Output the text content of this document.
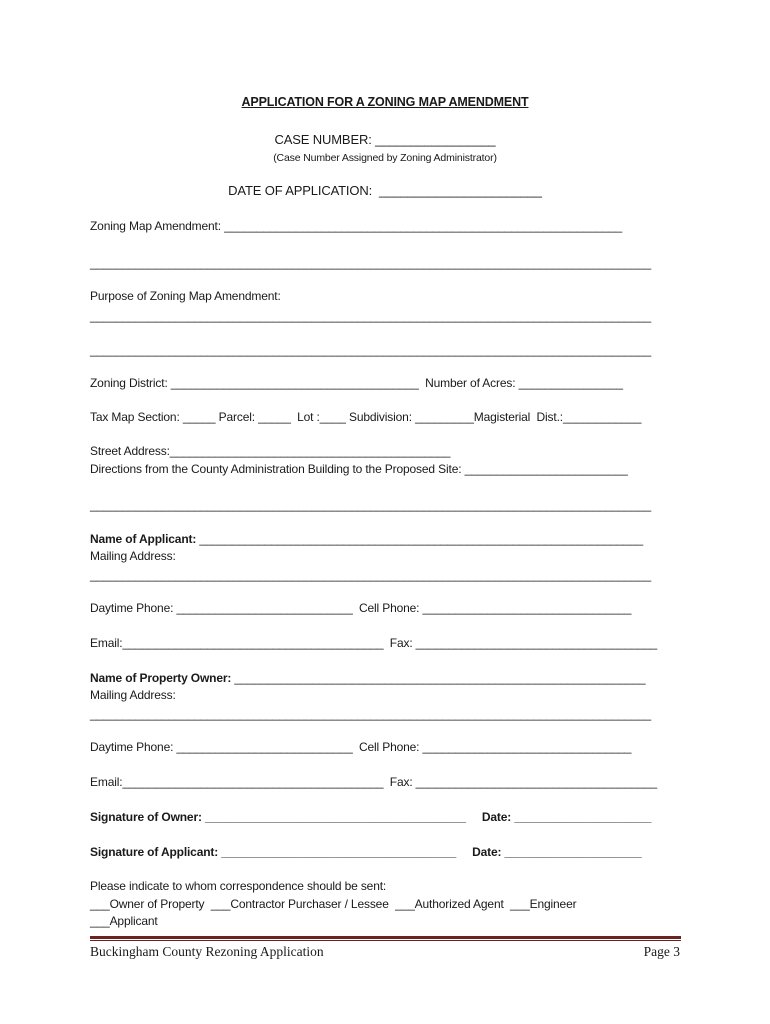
APPLICATION FOR A ZONING MAP AMENDMENT
CASE NUMBER: _________________
(Case Number Assigned by Zoning Administrator)
DATE OF APPLICATION:  _______________________
Zoning Map Amendment: _____________________________________________________________
______________________________________________________________________________________
Purpose of Zoning Map Amendment:
______________________________________________________________________________________
______________________________________________________________________________________
Zoning District: ______________________________________  Number of Acres: ________________
Tax Map Section: _____ Parcel: _____  Lot :____ Subdivision: _________Magisterial  Dist.:____________
Street Address:___________________________________________
Directions from the County Administration Building to the Proposed Site: _________________________
______________________________________________________________________________________
Name of Applicant: ____________________________________________________________________
Mailing Address:
______________________________________________________________________________________
Daytime Phone: ___________________________  Cell Phone: ________________________________
Email:________________________________________  Fax: _____________________________________
Name of Property Owner: _______________________________________________________________
Mailing Address:
______________________________________________________________________________________
Daytime Phone: ___________________________  Cell Phone: ________________________________
Email:________________________________________  Fax: _____________________________________
Signature of Owner: ________________________________________     Date: _____________________
Signature of Applicant: ____________________________________     Date: _____________________
Please indicate to whom correspondence should be sent:
___Owner of Property  ___Contractor Purchaser / Lessee  ___Authorized Agent  ___Engineer
___Applicant
Buckingham County Rezoning Application	Page 3
